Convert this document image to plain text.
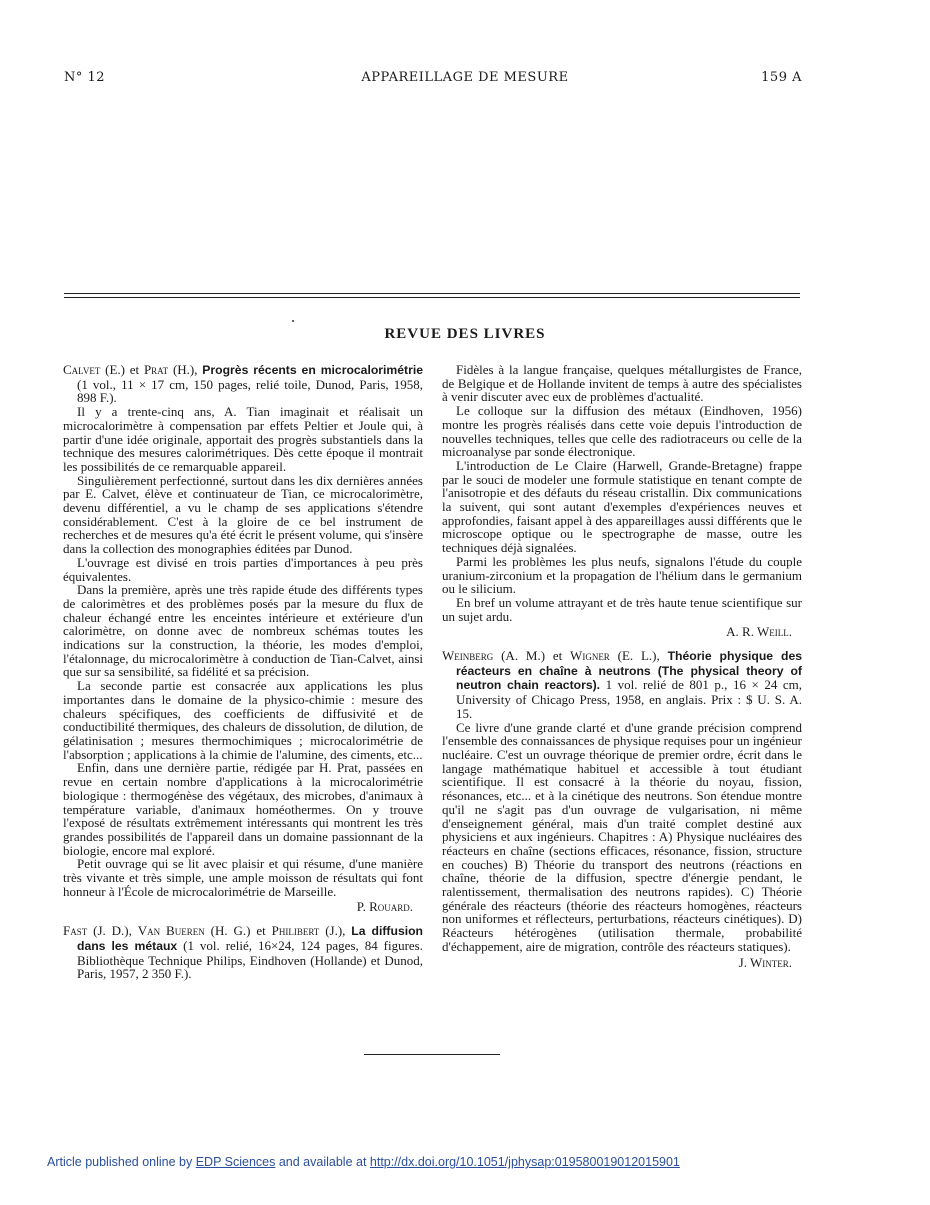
N° 12	APPAREILLAGE DE MESURE	159 A
REVUE DES LIVRES

Calvet (E.) et Prat (H.), Progrès récents en microcalorimétrie (1 vol., 11 × 17 cm, 150 pages, relié toile, Dunod, Paris, 1958, 898 F.).

Il y a trente-cinq ans, A. Tian imaginait et réalisait un microcalorimètre à compensation par effets Peltier et Joule qui, à partir d'une idée originale, apportait des progrès substantiels dans la technique des mesures calorimétriques. Dès cette époque il montrait les possibilités de ce remarquable appareil.

Singulièrement perfectionné, surtout dans les dix dernières années par E. Calvet, élève et continuateur de Tian, ce microcalorimètre, devenu différentiel, a vu le champ de ses applications s'étendre considérablement. C'est à la gloire de ce bel instrument de recherches et de mesures qu'a été écrit le présent volume, qui s'insère dans la collection des monographies éditées par Dunod.

L'ouvrage est divisé en trois parties d'importances à peu près équivalentes.

Dans la première, après une très rapide étude des différents types de calorimètres et des problèmes posés par la mesure du flux de chaleur échangé entre les enceintes intérieure et extérieure d'un calorimètre, on donne avec de nombreux schémas toutes les indications sur la construction, la théorie, les modes d'emploi, l'étalonnage, du microcalorimètre à conduction de Tian-Calvet, ainsi que sur sa sensibilité, sa fidélité et sa précision.

La seconde partie est consacrée aux applications les plus importantes dans le domaine de la physico-chimie : mesure des chaleurs spécifiques, des coefficients de diffusivité et de conductibilité thermiques, des chaleurs de dissolution, de dilution, de gélatinisation ; mesures thermochimiques ; microcalorimétrie de l'absorption ; applications à la chimie de l'alumine, des ciments, etc...

Enfin, dans une dernière partie, rédigée par H. Prat, passées en revue en certain nombre d'applications à la microcalorimétrie biologique : thermogénèse des végétaux, des microbes, d'animaux à température variable, d'animaux homéothermes. On y trouve l'exposé de résultats extrêmement intéressants qui montrent les très grandes possibilités de l'appareil dans un domaine passionnant de la biologie, encore mal exploré.

Petit ouvrage qui se lit avec plaisir et qui résume, d'une manière très vivante et très simple, une ample moisson de résultats qui font honneur à l'École de microcalorimétrie de Marseille.

P. Rouard.

Fast (J. D.), Van Bueren (H. G.) et Philibert (J.), La diffusion dans les métaux (1 vol. relié, 16×24, 124 pages, 84 figures. Bibliothèque Technique Philips, Eindhoven (Hollande) et Dunod, Paris, 1957, 2 350 F.).

Fidèles à la langue française, quelques métallurgistes de France, de Belgique et de Hollande invitent de temps à autre des spécialistes à venir discuter avec eux de problèmes d'actualité.

Le colloque sur la diffusion des métaux (Eindhoven, 1956) montre les progrès réalisés dans cette voie depuis l'introduction de nouvelles techniques, telles que celle des radiotraceurs ou celle de la microanalyse par sonde électronique.

L'introduction de Le Claire (Harwell, Grande-Bretagne) frappe par le souci de modeler une formule statistique en tenant compte de l'anisotropie et des défauts du réseau cristallin. Dix communications la suivent, qui sont autant d'exemples d'expériences neuves et approfondies, faisant appel à des appareillages aussi différents que le microscope optique ou le spectrographe de masse, outre les techniques déjà signalées.

Parmi les problèmes les plus neufs, signalons l'étude du couple uranium-zirconium et la propagation de l'hélium dans le germanium ou le silicium.

En bref un volume attrayant et de très haute tenue scientifique sur un sujet ardu.

A. R. Weill.

Weinberg (A. M.) et Wigner (E. L.), Théorie physique des réacteurs en chaîne à neutrons (The physical theory of neutron chain reactors). 1 vol. relié de 801 p., 16 × 24 cm, University of Chicago Press, 1958, en anglais. Prix : $ U. S. A. 15.

Ce livre d'une grande clarté et d'une grande précision comprend l'ensemble des connaissances de physique requises pour un ingénieur nucléaire. C'est un ouvrage théorique de premier ordre, écrit dans le langage mathématique habituel et accessible à tout étudiant scientifique. Il est consacré à la théorie du noyau, fission, résonances, etc... et à la cinétique des neutrons. Son étendue montre qu'il ne s'agit pas d'un ouvrage de vulgarisation, ni même d'enseignement général, mais d'un traité complet destiné aux physiciens et aux ingénieurs. Chapitres : A) Physique nucléaires des réacteurs en chaîne (sections efficaces, résonance, fission, structure en couches) B) Théorie du transport des neutrons (réactions en chaîne, théorie de la diffusion, spectre d'énergie pendant, le ralentissement, thermalisation des neutrons rapides). C) Théorie générale des réacteurs (théorie des réacteurs homogènes, réacteurs non uniformes et réflecteurs, perturbations, réacteurs cinétiques). D) Réacteurs hétérogènes (utilisation thermale, probabilité d'échappement, aire de migration, contrôle des réacteurs statiques).

J. Winter.
Article published online by EDP Sciences and available at http://dx.doi.org/10.1051/jphysap:019580019012015901
